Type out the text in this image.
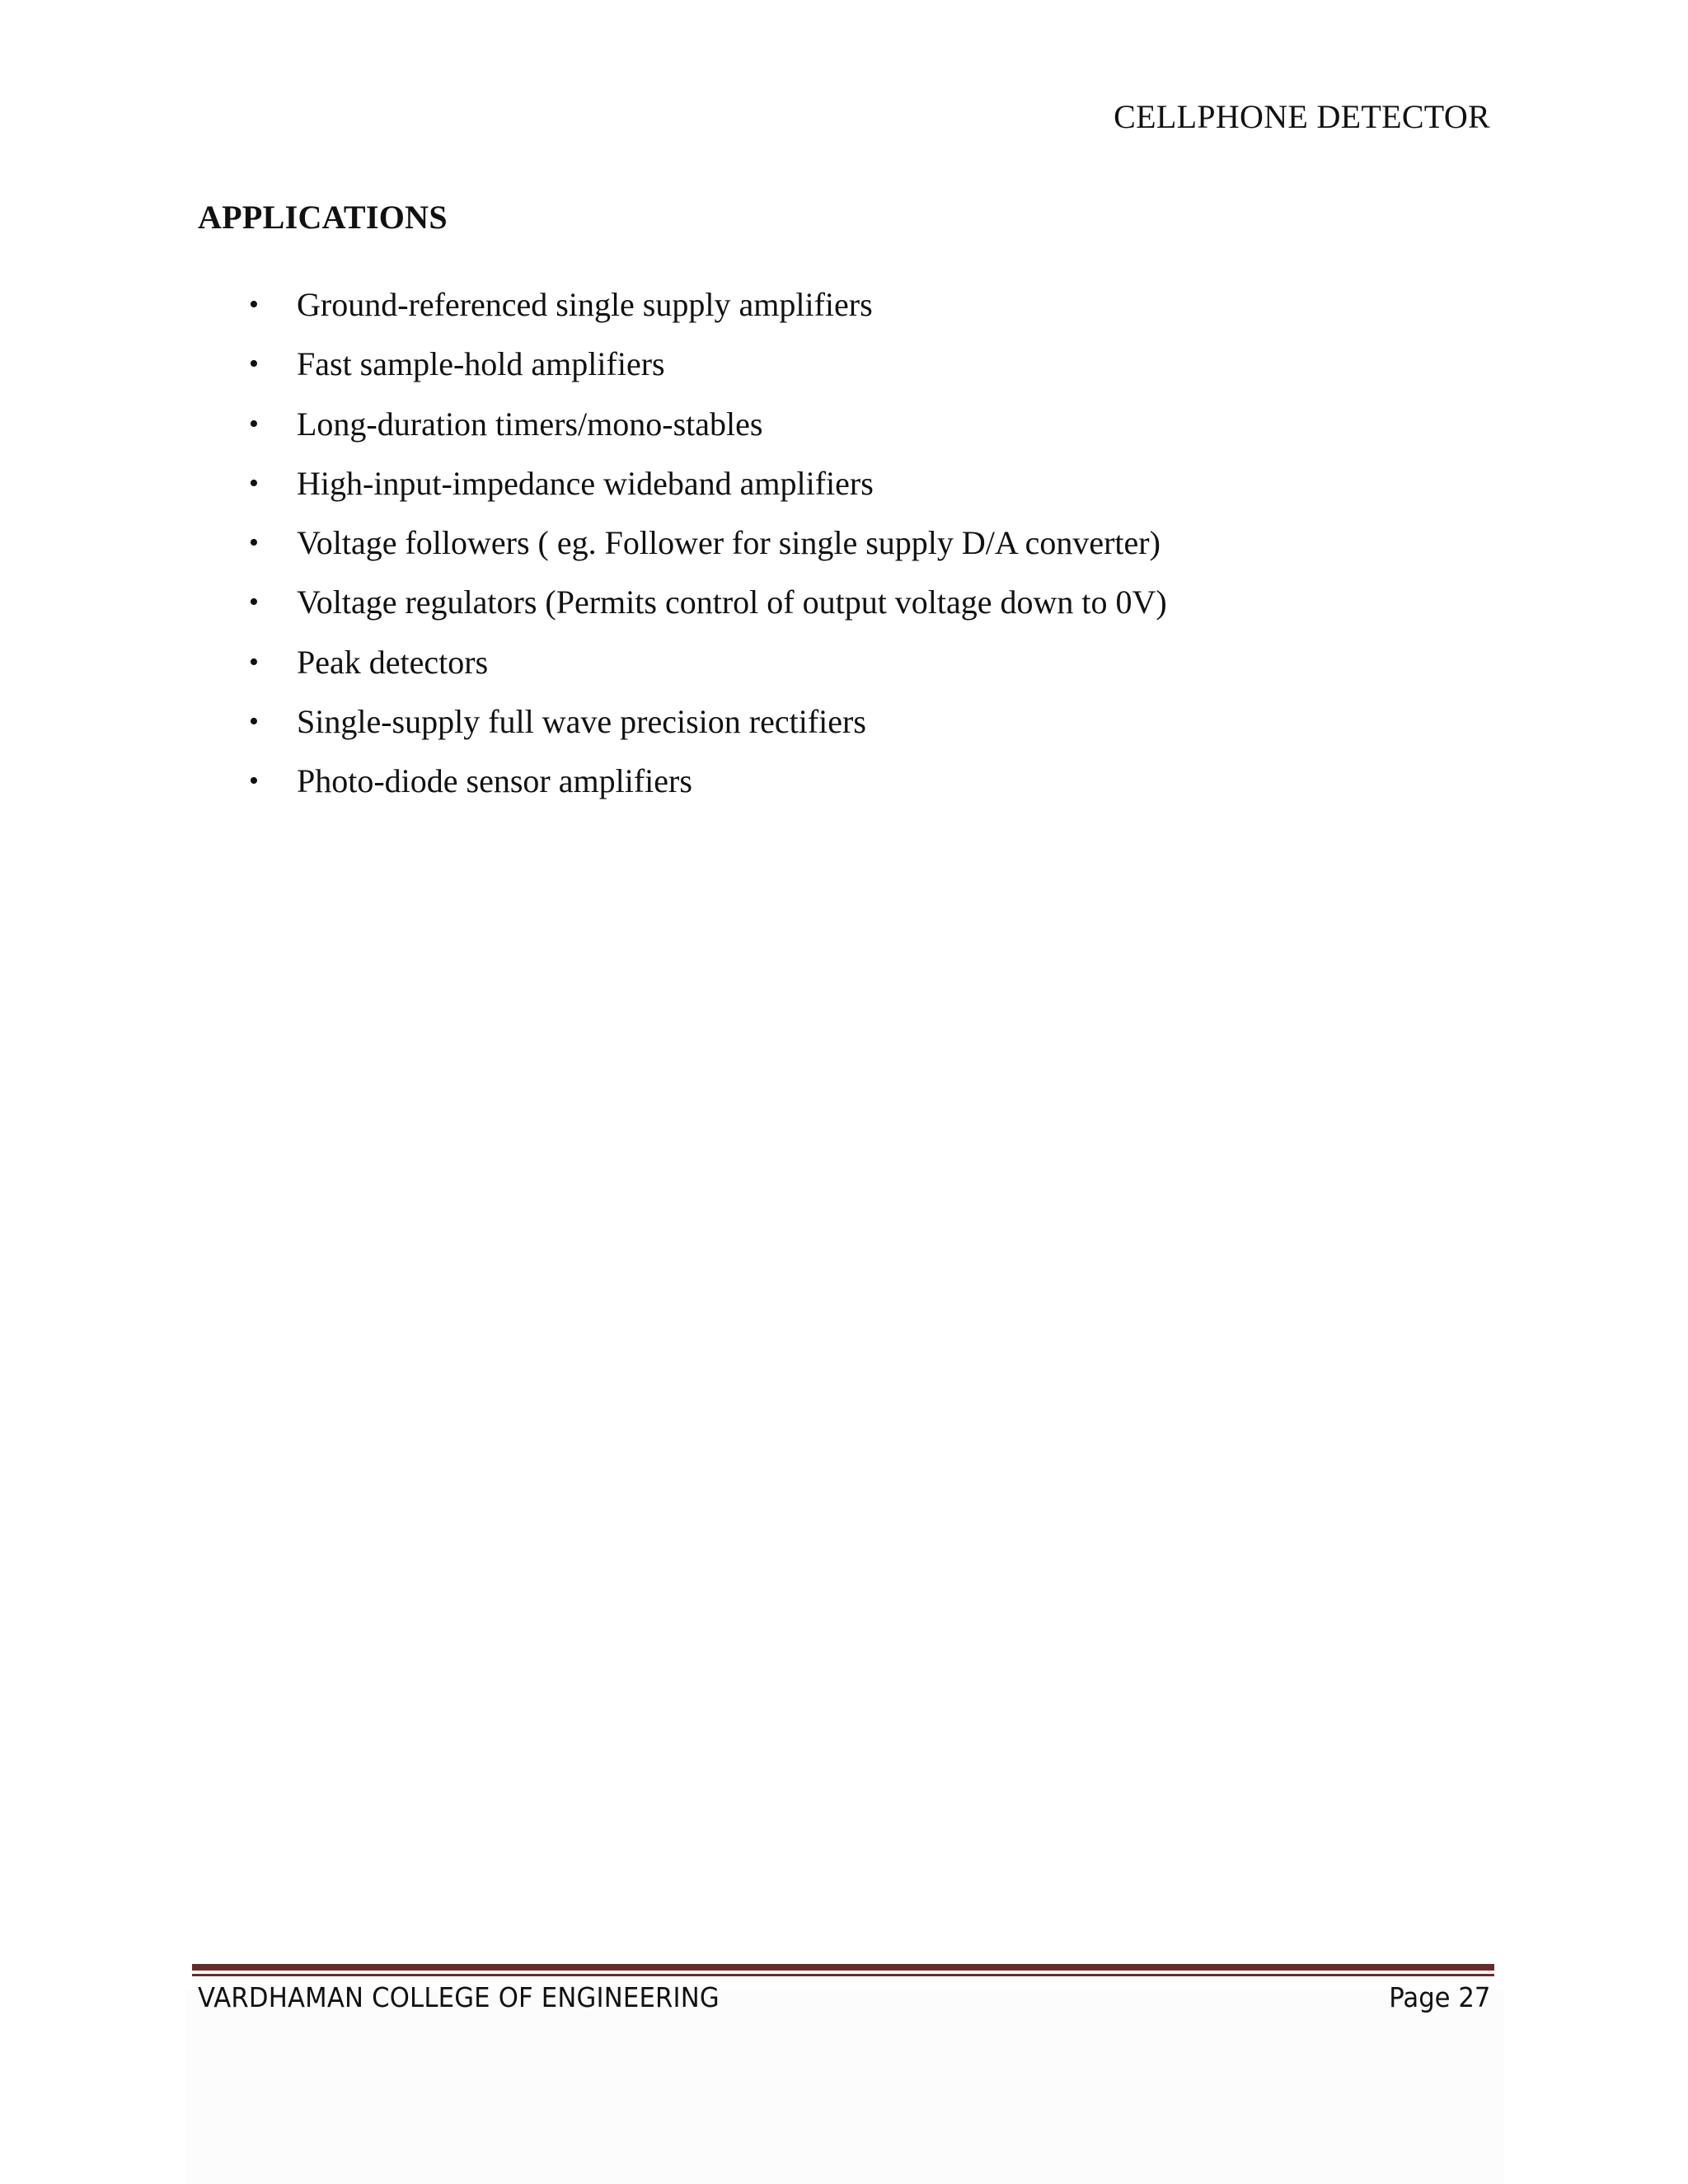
CELLPHONE DETECTOR
APPLICATIONS
• Ground-referenced single supply amplifiers
• Fast sample-hold amplifiers
• Long-duration timers/mono-stables
• High-input-impedance wideband amplifiers
• Voltage followers ( eg. Follower for single supply D/A converter)
• Voltage regulators (Permits control of output voltage down to 0V)
• Peak detectors
• Single-supply full wave precision rectifiers
• Photo-diode sensor amplifiers
VARDHAMAN COLLEGE OF ENGINEERING	Page 27
